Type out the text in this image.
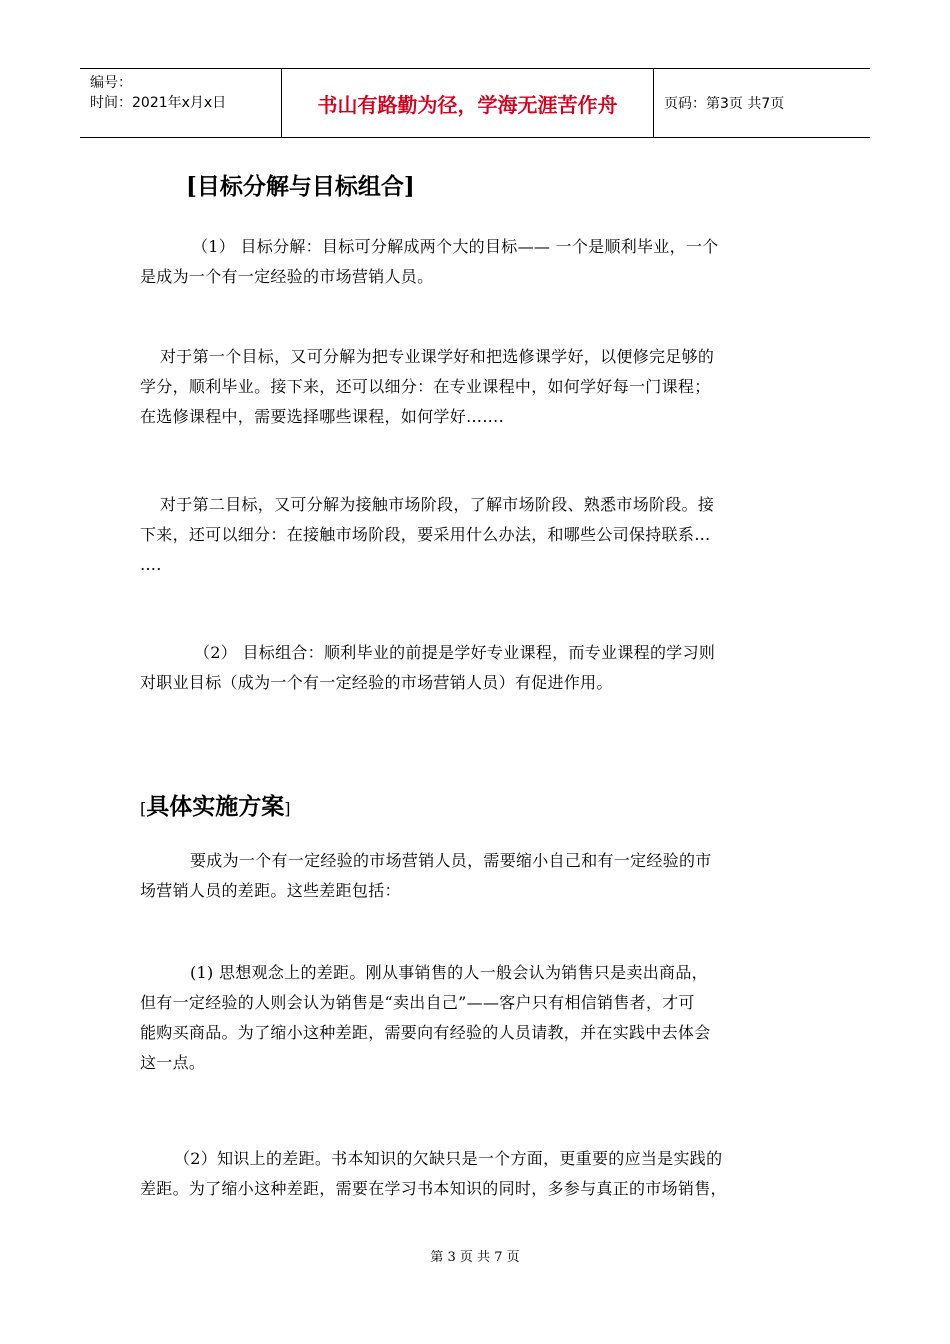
编号：
时间：2021年x月x日	书山有路勤为径，学海无涯苦作舟	页码：第3页 共7页
[目标分解与目标组合]

（1） 目标分解：目标可分解成两个大的目标—— 一个是顺利毕业，一个

是成为一个有一定经验的市场营销人员。

对于第一个目标，又可分解为把专业课学好和把选修课学好，以便修完足够的

学分，顺利毕业。接下来，还可以细分：在专业课程中，如何学好每一门课程；

在选修课程中，需要选择哪些课程，如何学好…….

对于第二目标，又可分解为接触市场阶段，了解市场阶段、熟悉市场阶段。接

下来，还可以细分：在接触市场阶段，要采用什么办法，和哪些公司保持联系…

….

（2） 目标组合：顺利毕业的前提是学好专业课程，而专业课程的学习则

对职业目标（成为一个有一定经验的市场营销人员）有促进作用。

[具体实施方案]

要成为一个有一定经验的市场营销人员，需要缩小自己和有一定经验的市

场营销人员的差距。这些差距包括：

(1) 思想观念上的差距。刚从事销售的人一般会认为销售只是卖出商品，

但有一定经验的人则会认为销售是“卖出自己”——客户只有相信销售者，才可

能购买商品。为了缩小这种差距，需要向有经验的人员请教，并在实践中去体会

这一点。

（2）知识上的差距。书本知识的欠缺只是一个方面，更重要的应当是实践的

差距。为了缩小这种差距，需要在学习书本知识的同时，多参与真正的市场销售，

第 3 页 共 7 页
